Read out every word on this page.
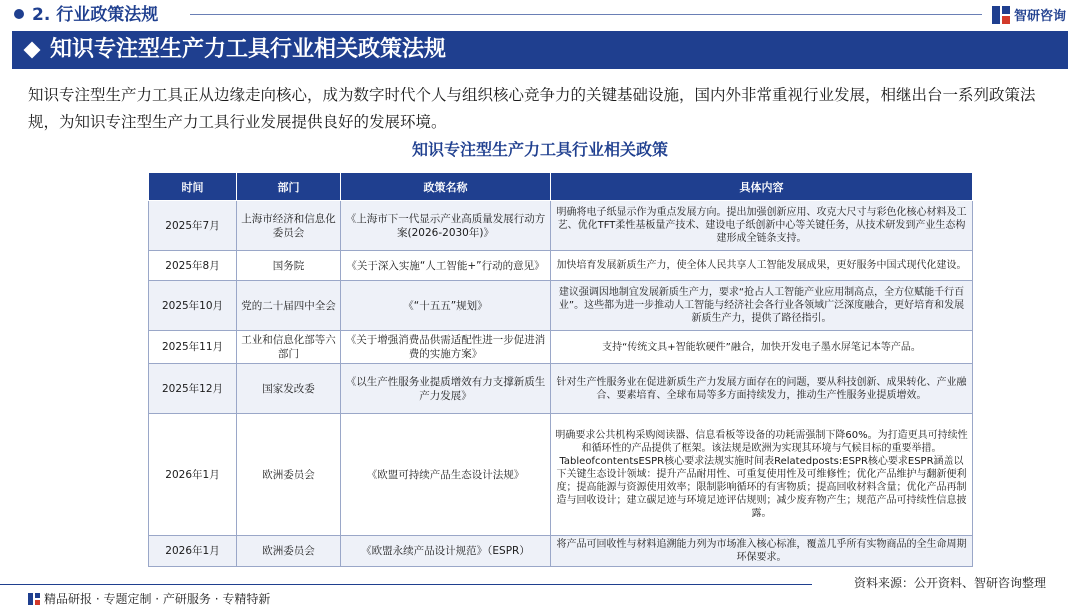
2. 行业政策法规	智研咨询
知识专注型生产力工具行业相关政策法规

知识专注型生产力工具正从边缘走向核心，成为数字时代个人与组织核心竞争力的关键基础设施，国内外非常重视行业发展，相继出台一系列政策法规，为知识专注型生产力工具行业发展提供良好的发展环境。

知识专注型生产力工具行业相关政策
时间	部门	政策名称	具体内容
2025年7月	上海市经济和信息化委员会	《上海市下一代显示产业高质量发展行动方案(2026-2030年)》	明确将电子纸显示作为重点发展方向。提出加强创新应用、攻克大尺寸与彩色化核心材料及工艺、优化TFT柔性基板量产技术、建设电子纸创新中心等关键任务，从技术研发到产业生态构建形成全链条支持。
2025年8月	国务院	《关于深入实施“人工智能+”行动的意见》	加快培育发展新质生产力，使全体人民共享人工智能发展成果，更好服务中国式现代化建设。
2025年10月	党的二十届四中全会	《“十五五”规划》	建议强调因地制宜发展新质生产力，要求“抢占人工智能产业应用制高点，全方位赋能千行百业”。这些都为进一步推动人工智能与经济社会各行业各领域广泛深度融合，更好培育和发展新质生产力，提供了路径指引。
2025年11月	工业和信息化部等六部门	《关于增强消费品供需适配性进一步促进消费的实施方案》	支持“传统文具+智能软硬件”融合，加快开发电子墨水屏笔记本等产品。
2025年12月	国家发改委	《以生产性服务业提质增效有力支撑新质生产力发展》	针对生产性服务业在促进新质生产力发展方面存在的问题，要从科技创新、成果转化、产业融合、要素培育、全球布局等多方面持续发力，推动生产性服务业提质增效。
2026年1月	欧洲委员会	《欧盟可持续产品生态设计法规》	明确要求公共机构采购阅读器、信息看板等设备的功耗需强制下降60%。为打造更具可持续性和循环性的产品提供了框架。该法规是欧洲为实现其环境与气候目标的重要举措。TableofcontentsESPR核心要求法规实施时间表Relatedposts:ESPR核心要求ESPR涵盖以下关键生态设计领域：提升产品耐用性、可重复使用性及可维修性；优化产品维护与翻新便利度；提高能源与资源使用效率；限制影响循环的有害物质；提高回收材料含量；优化产品再制造与回收设计；建立碳足迹与环境足迹评估规则；减少废弃物产生；规范产品可持续性信息披露。
2026年1月	欧洲委员会	《欧盟永续产品设计规范》（ESPR）	将产品可回收性与材料追溯能力列为市场准入核心标准，覆盖几乎所有实物商品的全生命周期环保要求。
资料来源：公开资料、智研咨询整理
精品研报 · 专题定制 · 产研服务 · 专精特新
